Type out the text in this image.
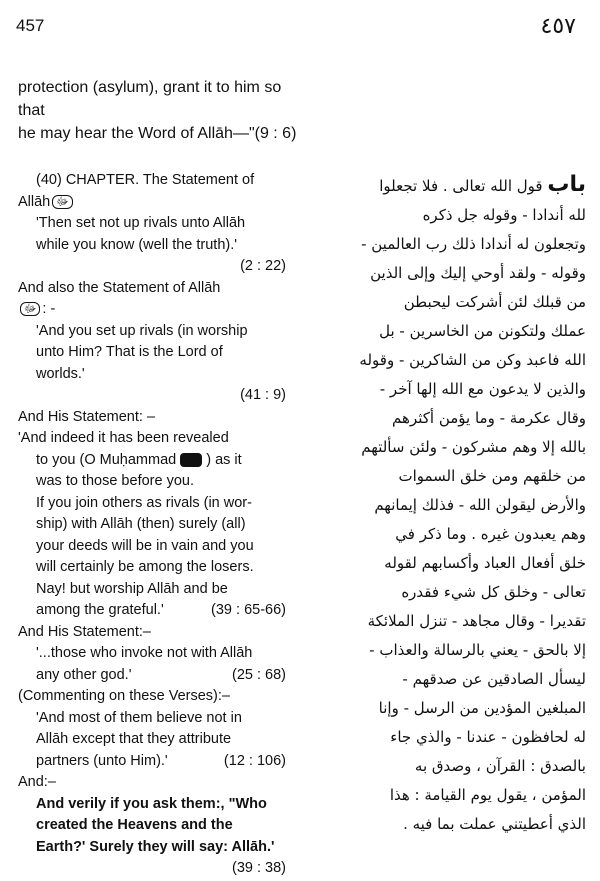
457	٤٥٧
protection (asylum), grant it to him so that
he may hear the Word of Allāh—"(9 : 6)
(40) CHAPTER. The Statement of
Allāh ﷻ
'Then set not up rivals unto Allāh
while you know (well the truth).'
(2 : 22)
And also the Statement of Allāh
ﷻ : -
'And you set up rivals (in worship
unto Him? That is the Lord of
worlds.'
(41 : 9)
And His Statement: –
'And indeed it has been revealed
to you (O Muḥammad ) as it
was to those before you.
If you join others as rivals (in wor-
ship) with Allāh (then) surely (all)
your deeds will be in vain and you
will certainly be among the losers.
Nay! but worship Allāh and be
among the grateful.'	(39 : 65-66)
And His Statement:–
'...those who invoke not with Allāh
any other god.'	(25 : 68)
(Commenting on these Verses):–
'And most of them believe not in
Allāh except that they attribute
partners (unto Him).'	(12 : 106)
And:–
And verily if you ask them:, "Who
created the Heavens and the
Earth?' Surely they will say: Allāh.'
(39 : 38)
باب قول الله تعالى . فلا تجعلوا
لله أندادا - وقوله جل ذكره
وتجعلون له أندادا ذلك رب العالمين -
وقوله - ولقد أوحي إليك وإلى الذين
من قبلك لئن أشركت ليحبطن
عملك ولتكونن من الخاسرين - بل
الله فاعبد وكن من الشاكرين - وقوله
والذين لا يدعون مع الله إلها آخر -
وقال عكرمة - وما يؤمن أكثرهم
بالله إلا وهم مشركون - ولئن سألتهم
من خلقهم ومن خلق السموات
والأرض ليقولن الله - فذلك إيمانهم
وهم يعبدون غيره . وما ذكر في
خلق أفعال العباد وأكسابهم لقوله
تعالى - وخلق كل شيء فقدره
تقديرا - وقال مجاهد - تنزل الملائكة
إلا بالحق - يعني بالرسالة والعذاب -
ليسأل الصادقين عن صدقهم -
المبلغين المؤدين من الرسل - وإنا
له لحافظون - عندنا - والذي جاء
بالصدق : القرآن ، وصدق به
المؤمن ، يقول يوم القيامة : هذا
الذي أعطيتني عملت بما فيه .
